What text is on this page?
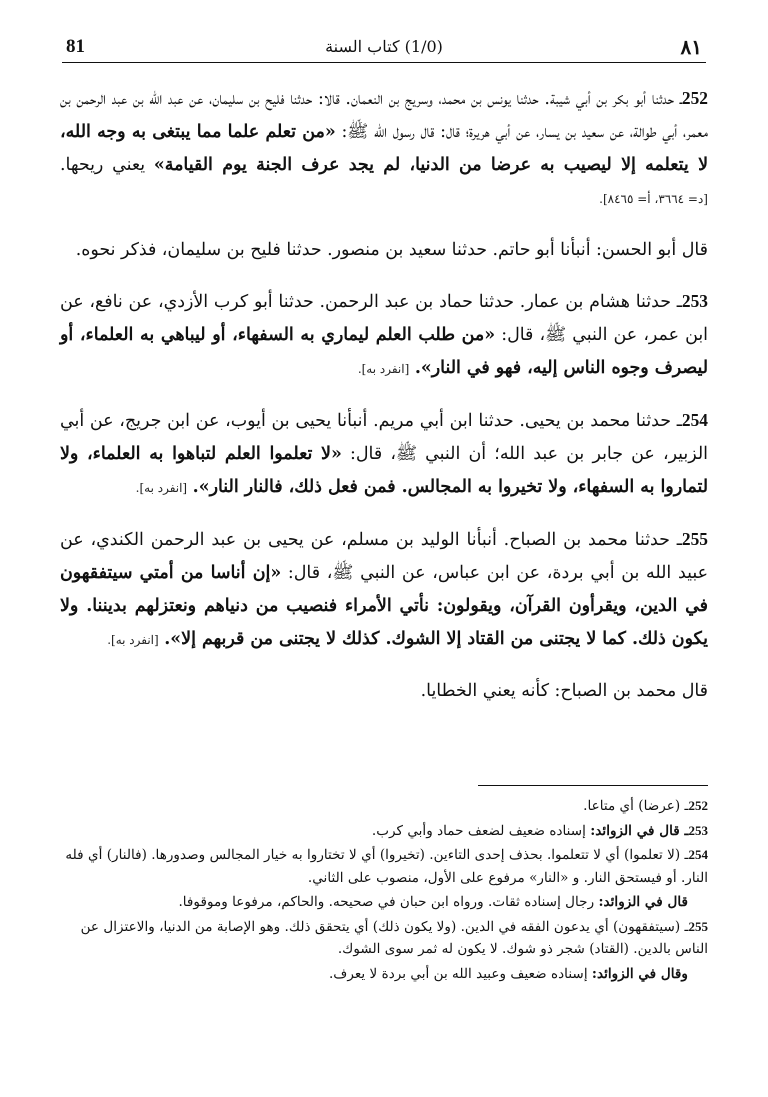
81	(1/0) كتاب السنة	٨١

252ـ حدثنا أبو بكر بن أبي شيبة. حدثنا يونس بن محمد، وسريج بن النعمان. قالا: حدثنا فليح بن سليمان، عن عبد الله بن عبد الرحمن بن معمر، أبي طوالة، عن سعيد بن يسار، عن أبي هريرة؛ قال: قال رسول الله ﷺ: «من تعلم علما مما يبتغى به وجه الله، لا يتعلمه إلا ليصيب به عرضا من الدنيا، لم يجد عرف الجنة يوم القيامة» يعني ريحها. [د= ٣٦٦٤، أ= ٨٤٦٥].

قال أبو الحسن: أنبأنا أبو حاتم. حدثنا سعيد بن منصور. حدثنا فليح بن سليمان، فذكر نحوه.

253ـ حدثنا هشام بن عمار. حدثنا حماد بن عبد الرحمن. حدثنا أبو كرب الأزدي، عن نافع، عن ابن عمر، عن النبي ﷺ، قال: «من طلب العلم ليماري به السفهاء، أو ليباهي به العلماء، أو ليصرف وجوه الناس إليه، فهو في النار». [انفرد به].

254ـ حدثنا محمد بن يحيى. حدثنا ابن أبي مريم. أنبأنا يحيى بن أيوب، عن ابن جريج، عن أبي الزبير، عن جابر بن عبد الله؛ أن النبي ﷺ، قال: «لا تعلموا العلم لتباهوا به العلماء، ولا لتماروا به السفهاء، ولا تخيروا به المجالس. فمن فعل ذلك، فالنار النار». [انفرد به].

255ـ حدثنا محمد بن الصباح. أنبأنا الوليد بن مسلم، عن يحيى بن عبد الرحمن الكندي، عن عبيد الله بن أبي بردة، عن ابن عباس، عن النبي ﷺ، قال: «إن أناسا من أمتي سيتفقهون في الدين، ويقرأون القرآن، ويقولون: نأتي الأمراء فنصيب من دنياهم ونعتزلهم بديننا. ولا يكون ذلك. كما لا يجتنى من القتاد إلا الشوك. كذلك لا يجتنى من قربهم إلا». [انفرد به].

قال محمد بن الصباح: كأنه يعني الخطايا.

252ـ (عرضا) أي متاعا.

253ـ قال في الزوائد: إسناده ضعيف لضعف حماد وأبي كرب.

254ـ (لا تعلموا) أي لا تتعلموا. بحذف إحدى التاءين. (تخيروا) أي لا تختاروا به خيار المجالس وصدورها. (فالنار) أي فله النار. أو فيستحق النار. و «النار» مرفوع على الأول، منصوب على الثاني.

قال في الزوائد: رجال إسناده ثقات. ورواه ابن حبان في صحيحه. والحاكم، مرفوعا وموقوفا.

255ـ (سيتفقهون) أي يدعون الفقه في الدين. (ولا يكون ذلك) أي يتحقق ذلك. وهو الإصابة من الدنيا، والاعتزال عن الناس بالدين. (القتاد) شجر ذو شوك. لا يكون له ثمر سوى الشوك.

وقال في الزوائد: إسناده ضعيف وعبيد الله بن أبي بردة لا يعرف.
